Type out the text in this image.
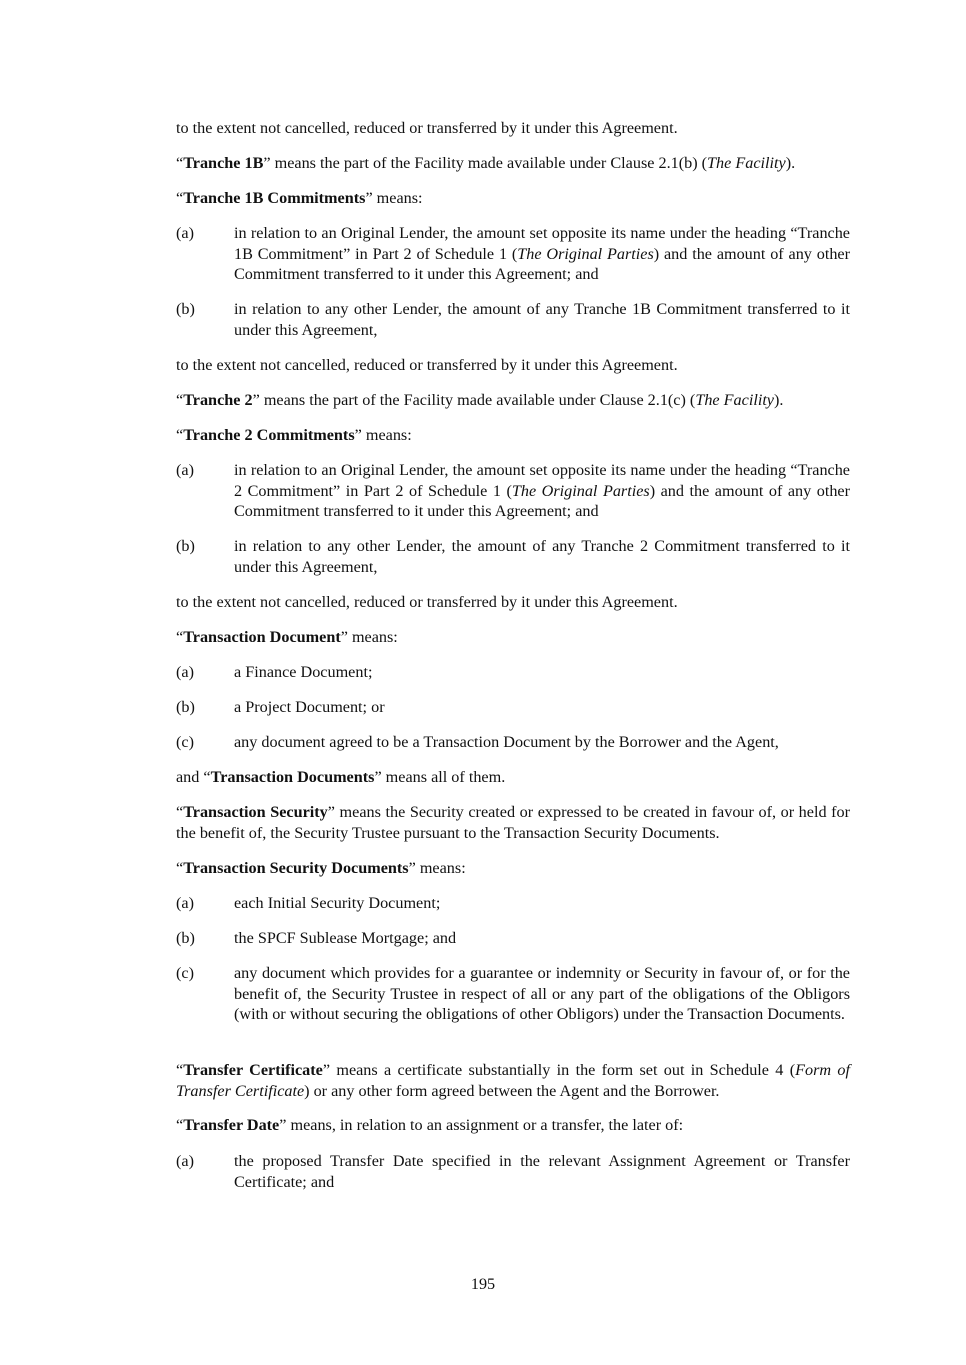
to the extent not cancelled, reduced or transferred by it under this Agreement.

“Tranche 1B” means the part of the Facility made available under Clause 2.1(b) (The Facility).

“Tranche 1B Commitments” means:

(a) in relation to an Original Lender, the amount set opposite its name under the heading “Tranche 1B Commitment” in Part 2 of Schedule 1 (The Original Parties) and the amount of any other Commitment transferred to it under this Agreement; and
(b) in relation to any other Lender, the amount of any Tranche 1B Commitment transferred to it under this Agreement,

to the extent not cancelled, reduced or transferred by it under this Agreement.

“Tranche 2” means the part of the Facility made available under Clause 2.1(c) (The Facility).

“Tranche 2 Commitments” means:

(a) in relation to an Original Lender, the amount set opposite its name under the heading “Tranche 2 Commitment” in Part 2 of Schedule 1 (The Original Parties) and the amount of any other Commitment transferred to it under this Agreement; and
(b) in relation to any other Lender, the amount of any Tranche 2 Commitment transferred to it under this Agreement,

to the extent not cancelled, reduced or transferred by it under this Agreement.

“Transaction Document” means:

(a) a Finance Document;
(b) a Project Document; or
(c) any document agreed to be a Transaction Document by the Borrower and the Agent,

and “Transaction Documents” means all of them.

“Transaction Security” means the Security created or expressed to be created in favour of, or held for the benefit of, the Security Trustee pursuant to the Transaction Security Documents.

“Transaction Security Documents” means:

(a) each Initial Security Document;
(b) the SPCF Sublease Mortgage; and
(c) any document which provides for a guarantee or indemnity or Security in favour of, or for the benefit of, the Security Trustee in respect of all or any part of the obligations of the Obligors (with or without securing the obligations of other Obligors) under the Transaction Documents.

“Transfer Certificate” means a certificate substantially in the form set out in Schedule 4 (Form of Transfer Certificate) or any other form agreed between the Agent and the Borrower.

“Transfer Date” means, in relation to an assignment or a transfer, the later of:

(a) the proposed Transfer Date specified in the relevant Assignment Agreement or Transfer Certificate; and
195
